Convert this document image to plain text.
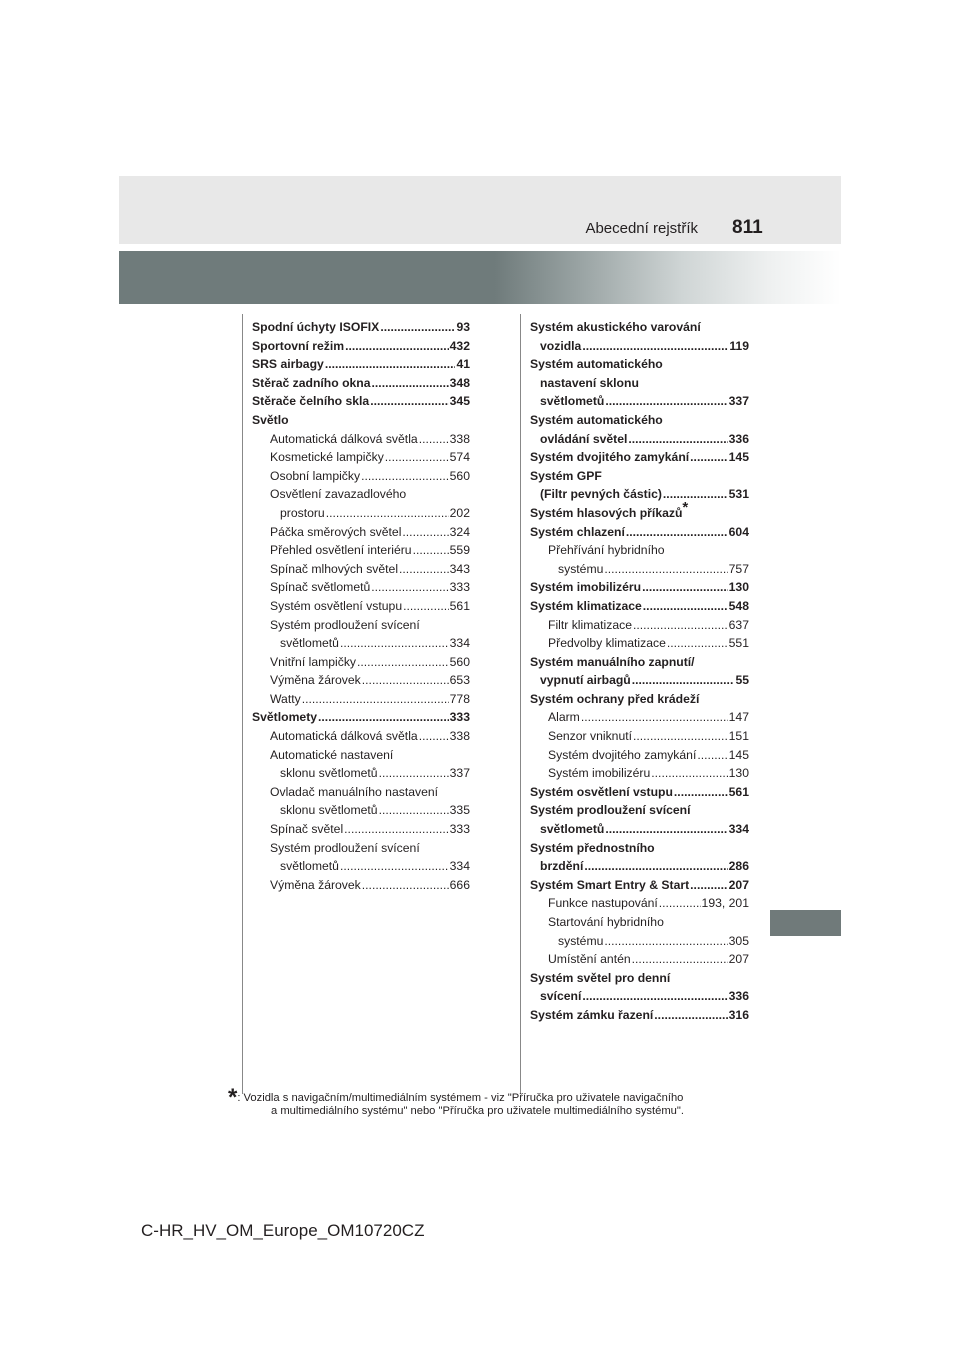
Abecední rejstřík 811
Spodní úchyty ISOFIX .....	93
Sportovní režim .....	432
SRS airbagy .....	41
Stěrač zadního okna .....	348
Stěrače čelního skla .....	345
Světlo
Automatická dálková světla .....	338
Kosmetické lampičky .....	574
Osobní lampičky .....	560
Osvětlení zavazadlového
prostoru .....	202
Páčka směrových světel .....	324
Přehled osvětlení interiéru .....	559
Spínač mlhových světel .....	343
Spínač světlometů .....	333
Systém osvětlení vstupu .....	561
Systém prodloužení svícení
světlometů .....	334
Vnitřní lampičky .....	560
Výměna žárovek .....	653
Watty .....	778
Světlomety .....	333
Automatická dálková světla .....	338
Automatické nastavení
sklonu světlometů .....	337
Ovladač manuálního nastavení
sklonu světlometů .....	335
Spínač světel .....	333
Systém prodloužení svícení
světlometů .....	334
Výměna žárovek .....	666
Systém akustického varování
vozidla .....	119
Systém automatického
nastavení sklonu
světlometů .....	337
Systém automatického
ovládání světel .....	336
Systém dvojitého zamykání .....	145
Systém GPF
(Filtr pevných částic) .....	531
Systém hlasových příkazů*
Systém chlazení .....	604
Přehřívání hybridního
systému .....	757
Systém imobilizéru .....	130
Systém klimatizace .....	548
Filtr klimatizace .....	637
Předvolby klimatizace .....	551
Systém manuálního zapnutí/
vypnutí airbagů .....	55
Systém ochrany před krádeží
Alarm .....	147
Senzor vniknutí .....	151
Systém dvojitého zamykání .....	145
Systém imobilizéru .....	130
Systém osvětlení vstupu .....	561
Systém prodloužení svícení
světlometů .....	334
Systém přednostního
brzdění .....	286
Systém Smart Entry & Start .....	207
Funkce nastupování .....	193, 201
Startování hybridního
systému .....	305
Umístění antén .....	207
Systém světel pro denní
svícení .....	336
Systém zámku řazení .....	316
*: Vozidla s navigačním/multimediálním systémem - viz "Příručka pro uživatele navigačního
a multimediálního systému" nebo "Příručka pro uživatele multimediálního systému".
C-HR_HV_OM_Europe_OM10720CZ
